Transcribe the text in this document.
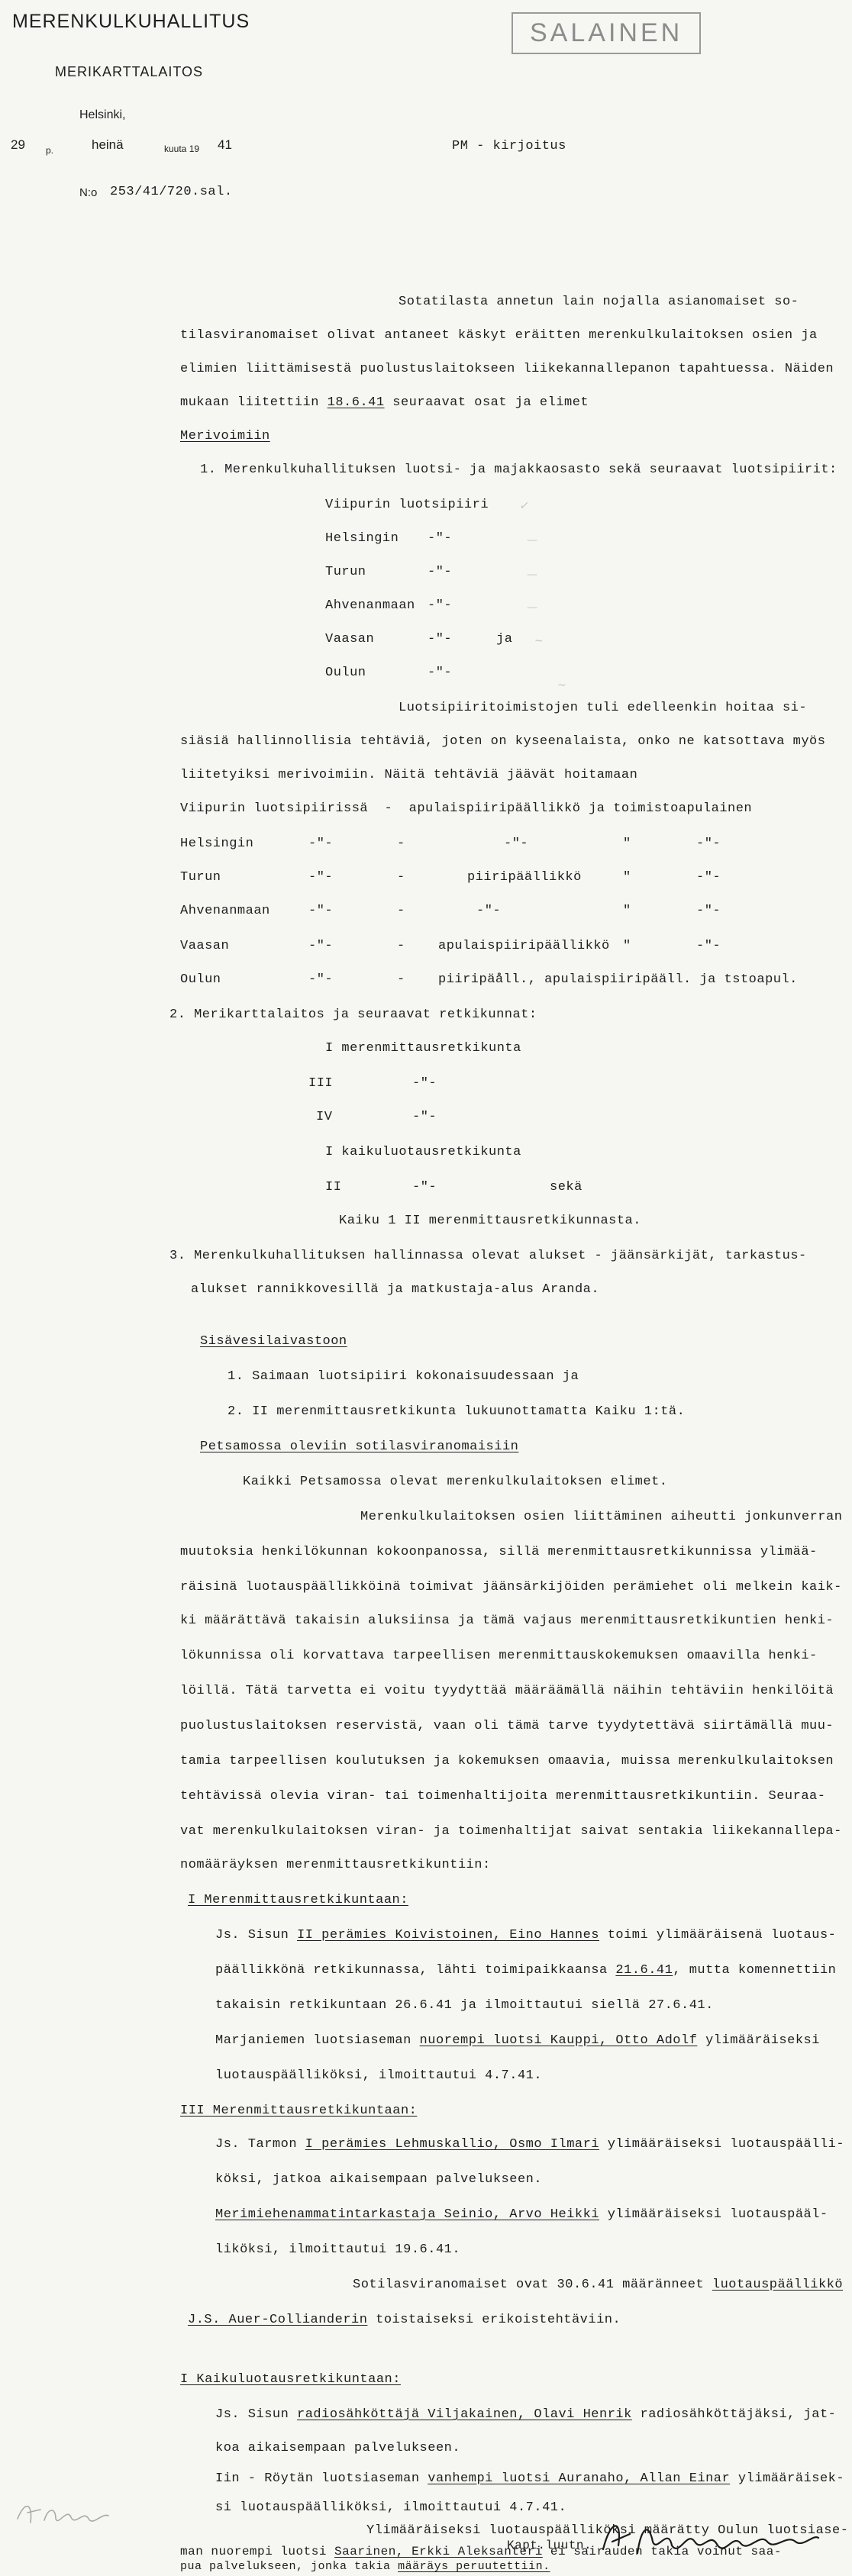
MERENKULKUHALLITUS
MERIKARTTALAITOS
SALAINEN
Helsinki,
29 p.	heinä	kuuta 19 41	PM - kirjoitus
N:o 253/41/720.sal.
Sotatilasta annetun lain nojalla asianomaiset so-
tilasviranomaiset olivat antaneet käskyt eräitten merenkulkulaitoksen osien ja
elimien liittämisestä puolustuslaitokseen liikekannallepanon tapahtuessa. Näiden
mukaan liitettiin 18.6.41 seuraavat osat ja elimet
Merivoimiin
1. Merenkulkuhallituksen luotsi- ja majakkaosasto sekä seuraavat luotsipiirit:
Viipurin luotsipiiri	✓
Helsingin -"-
Turun	-"-
Ahvenanmaan -"-
Vaasan	-"-	ja
Oulun	-"-
Luotsipiiritoimistojen tuli edelleenkin hoitaa si-
siäsiä hallinnollisia tehtäviä, joten on kyseenalaista, onko ne katsottava myös
liitetyiksi merivoimiin. Näitä tehtäviä jäävät hoitamaan
Viipurin luotsipiirissä - apulaispiiripäällikkö ja toimistoapulainen
Helsingin	-"-	-	-"-	"	-"-
Turun	-"-	-	piiripäällikkö	"	-"-
Ahvenanmaan	-"-	-	-"-	"	-"-
Vaasan	-"-	-	apulaispiiripäällikkö "	-"-
Oulun	-"-	-	piiripäåll., apulaispiiripääll. ja tstoapul.
2. Merikarttalaitos ja seuraavat retkikunnat:
I merenmittausretkikunta
III	-"-
IV	-"-
I kaikuluotausretkikunta
II	-"-	sekä
Kaiku 1 II merenmittausretkikunnasta.
3. Merenkulkuhallituksen hallinnassa olevat alukset - jäänsärkijät, tarkastus-
alukset rannikkovesillä ja matkustaja-alus Aranda.
Sisävesilaivastoon
1. Saimaan luotsipiiri kokonaisuudessaan ja
2. II merenmittausretkikunta lukuunottamatta Kaiku 1:tä.
Petsamossa oleviin sotilasviranomaisiin
Kaikki Petsamossa olevat merenkulkulaitoksen elimet.
Merenkulkulaitoksen osien liittäminen aiheutti jonkunverran
muutoksia henkilökunnan kokoonpanossa, sillä merenmittausretkikunnissa ylimää-
räisinä luotauspäällikköinä toimivat jäänsärkijöiden perämiehet oli melkein kaik-
ki määrättävä takaisin aluksiinsa ja tämä vajaus merenmittausretkikuntien henki-
lökunnissa oli korvattava tarpeellisen merenmittauskokemuksen omaavilla henki-
löillä. Tätä tarvetta ei voitu tyydyttää määräämällä näihin tehtäviin henkilöitä
puolustuslaitoksen reservistä, vaan oli tämä tarve tyydytettävä siirtämällä muu-
tamia tarpeellisen koulutuksen ja kokemuksen omaavia, muissa merenkulkulaitoksen
tehtävissä olevia viran- tai toimenhaltijoita merenmittausretkikuntiin. Seuraa-
vat merenkulkulaitoksen viran- ja toimenhaltijat saivat sentakia liikekannallepa-
nomääräyksen merenmittausretkikuntiin:
I Merenmittausretkikuntaan:
Js. Sisun II perämies Koivistoinen, Eino Hannes toimi ylimääräisenä luotaus-
päällikkönä retkikunnassa, lähti toimipaikkaansa 21.6.41, mutta komennettiin
takaisin retkikuntaan 26.6.41 ja ilmoittautui siellä 27.6.41.
Marjaniemen luotsiaseman nuorempi luotsi Kauppi, Otto Adolf ylimääräiseksi
luotauspäälliköksi, ilmoittautui 4.7.41.
III Merenmittausretkikuntaan:
Js. Tarmon I perämies Lehmuskallio, Osmo Ilmari ylimääräiseksi luotauspäälli-
köksi, jatkoa aikaisempaan palvelukseen.
Merimiehenammatintarkastaja Seinio, Arvo Heikki ylimääräiseksi luotauspääl-
liköksi, ilmoittautui 19.6.41.
Sotilasviranomaiset ovat 30.6.41 määränneet luotauspäällikkö
J.S. Auer-Collianderin toistaiseksi erikoistehtäviin.
I Kaikuluotausretkikuntaan:
Js. Sisun radiosähköttäjä Viljakainen, Olavi Henrik radiosähköttäjäksi, jat-
koa aikaisempaan palvelukseen.
Iin - Röytän luotsiaseman vanhempi luotsi Auranaho, Allan Einar ylimääräisek-
si luotauspäälliköksi, ilmoittautui 4.7.41.
Ylimääräiseksi luotauspäälliköksi määrätty Oulun luotsiase-
man nuorempi luotsi Saarinen, Erkki Aleksanteri ei sairauden takia voinut saa-
pua palvelukseen, jonka takia määräys peruutettiin.
Kapt.luutn.
—
—
—
~
~
